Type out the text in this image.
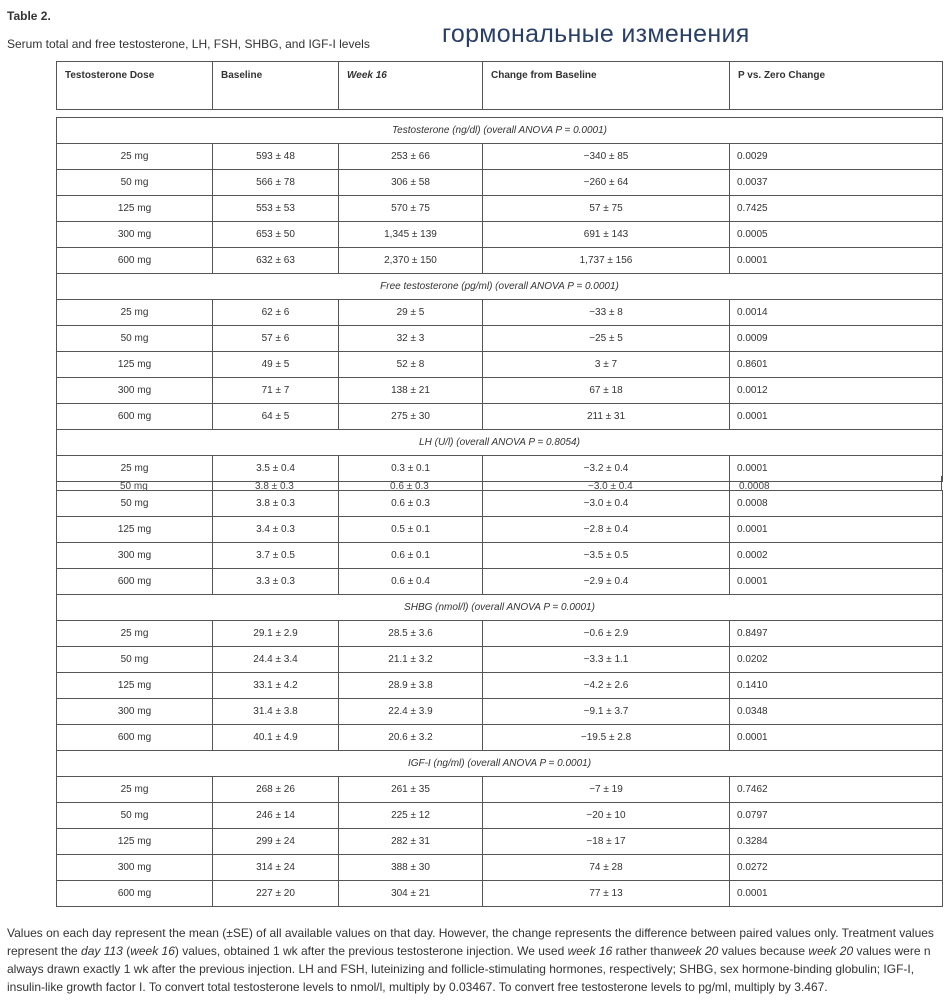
Table 2.
Serum total and free testosterone, LH, FSH, SHBG, and IGF-I levels	гормональные изменения
Testosterone Dose	Baseline	Week 16	Change from Baseline	P vs. Zero Change

Testosterone (ng/dl) (overall ANOVA P = 0.0001)				
25 mg	593 ± 48	253 ± 66	−340 ± 85	0.0029
50 mg	566 ± 78	306 ± 58	−260 ± 64	0.0037
125 mg	553 ± 53	570 ± 75	57 ± 75	0.7425
300 mg	653 ± 50	1,345 ± 139	691 ± 143	0.0005
600 mg	632 ± 63	2,370 ± 150	1,737 ± 156	0.0001
Free testosterone (pg/ml) (overall ANOVA P = 0.0001)				
25 mg	62 ± 6	29 ± 5	−33 ± 8	0.0014
50 mg	57 ± 6	32 ± 3	−25 ± 5	0.0009
125 mg	49 ± 5	52 ± 8	3 ± 7	0.8601
300 mg	71 ± 7	138 ± 21	67 ± 18	0.0012
600 mg	64 ± 5	275 ± 30	211 ± 31	0.0001
LH (U/l) (overall ANOVA P = 0.8054)				
25 mg	3.5 ± 0.4	0.3 ± 0.1	−3.2 ± 0.4	0.0001
50 mg	3.8 ± 0.3	0.6 ± 0.3	−3.0 ± 0.4	0.0008
50 mg	3.8 ± 0.3	0.6 ± 0.3	−3.0 ± 0.4	0.0008
125 mg	3.4 ± 0.3	0.5 ± 0.1	−2.8 ± 0.4	0.0001
300 mg	3.7 ± 0.5	0.6 ± 0.1	−3.5 ± 0.5	0.0002
600 mg	3.3 ± 0.3	0.6 ± 0.4	−2.9 ± 0.4	0.0001
SHBG (nmol/l) (overall ANOVA P = 0.0001)				
25 mg	29.1 ± 2.9	28.5 ± 3.6	−0.6 ± 2.9	0.8497
50 mg	24.4 ± 3.4	21.1 ± 3.2	−3.3 ± 1.1	0.0202
125 mg	33.1 ± 4.2	28.9 ± 3.8	−4.2 ± 2.6	0.1410
300 mg	31.4 ± 3.8	22.4 ± 3.9	−9.1 ± 3.7	0.0348
600 mg	40.1 ± 4.9	20.6 ± 3.2	−19.5 ± 2.8	0.0001
IGF-I (ng/ml) (overall ANOVA P = 0.0001)				
25 mg	268 ± 26	261 ± 35	−7 ± 19	0.7462
50 mg	246 ± 14	225 ± 12	−20 ± 10	0.0797
125 mg	299 ± 24	282 ± 31	−18 ± 17	0.3284
300 mg	314 ± 24	388 ± 30	74 ± 28	0.0272
600 mg	227 ± 20	304 ± 21	77 ± 13	0.0001

Values on each day represent the mean (±SE) of all available values on that day. However, the change represents the difference between paired values only. Treatment values

represent the day 113 (week 16) values, obtained 1 wk after the previous testosterone injection. We used week 16 rather thanweek 20 values because week 20 values were n

always drawn exactly 1 wk after the previous injection. LH and FSH, luteinizing and follicle-stimulating hormones, respectively; SHBG, sex hormone-binding globulin; IGF-I,

insulin-like growth factor I. To convert total testosterone levels to nmol/l, multiply by 0.03467. To convert free testosterone levels to pg/ml, multiply by 3.467.
